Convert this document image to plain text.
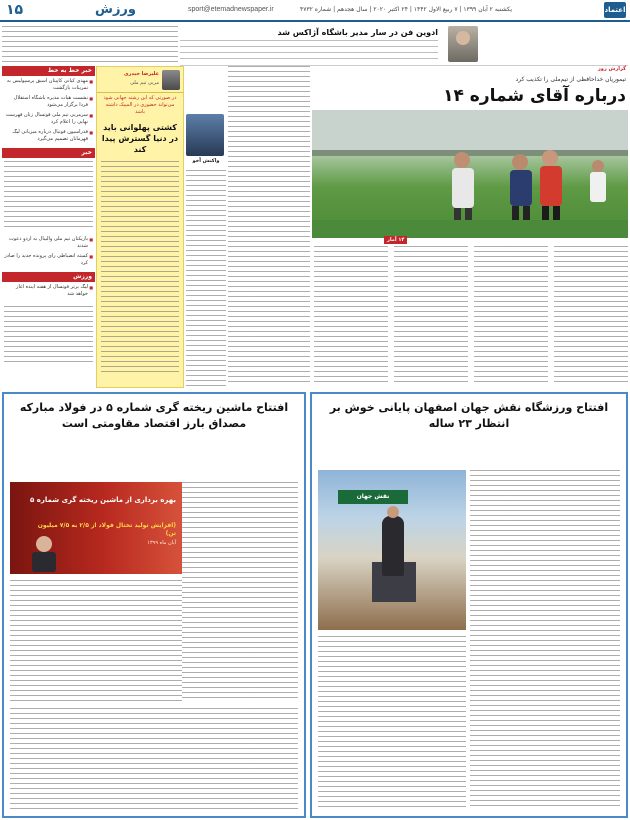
۱۵	ورزش	sport@etemadnewspaper.ir	یکشنبه ۲ آبان ۱۳۹۹ | ۷ ربیع الاول ۱۴۴۲ | ۲۴ اکتبر ۲۰۲۰ | سال هجدهم | شماره ۴۷۳۲	اعتماد
ادوین فن در سار مدیر باشگاه آژاکس شد
خبر خط به خط
■ مهدی کیانی کاپیتان اسبق پرسپولیس به تمرینات بازگشت
■ نشست هیات مدیره باشگاه استقلال فردا برگزار می‌شود
■ سرمربی تیم ملی فوتسال زنان فهرست نهایی را اعلام کرد
■ فدراسیون فوتبال درباره میزبانی لیگ قهرمانان تصمیم می‌گیرد
خبر
■ بازیکنان تیم ملی والیبال به اردو دعوت شدند
■ کمیته انضباطی رای پرونده جدید را صادر کرد
ورزش
■ لیگ برتر فوتسال از هفته آینده آغاز خواهد شد
علیرضا حیدری
مربی تیم ملی
در صورتی که این رشته جهانی شود می‌تواند حضوری در المپیک داشته باشد
کشتی پهلوانی باید در دنیا گسترش پیدا کند
واکنش آخو
گزارش روز
تیموریان خداحافظی از تیم‌ملی را تکذیب کرد
درباره آقای شماره ۱۴
۱۴ آمار
افتتاح ماشین ریخته گری شماره ۵ در فولاد مبارکه مصداق بارز اقتصاد مقاومتی است
بهره برداری از ماشین ریخته گری شماره ۵
(افزایش تولید تختال فولاد از ۲/۵ به ۷/۵ میلیون تن)
آبان ماه ۱۳۹۹
افتتاح ورزشگاه نقش جهان اصفهان پایانی خوش بر انتظار ۲۳ ساله
نقش جهان
